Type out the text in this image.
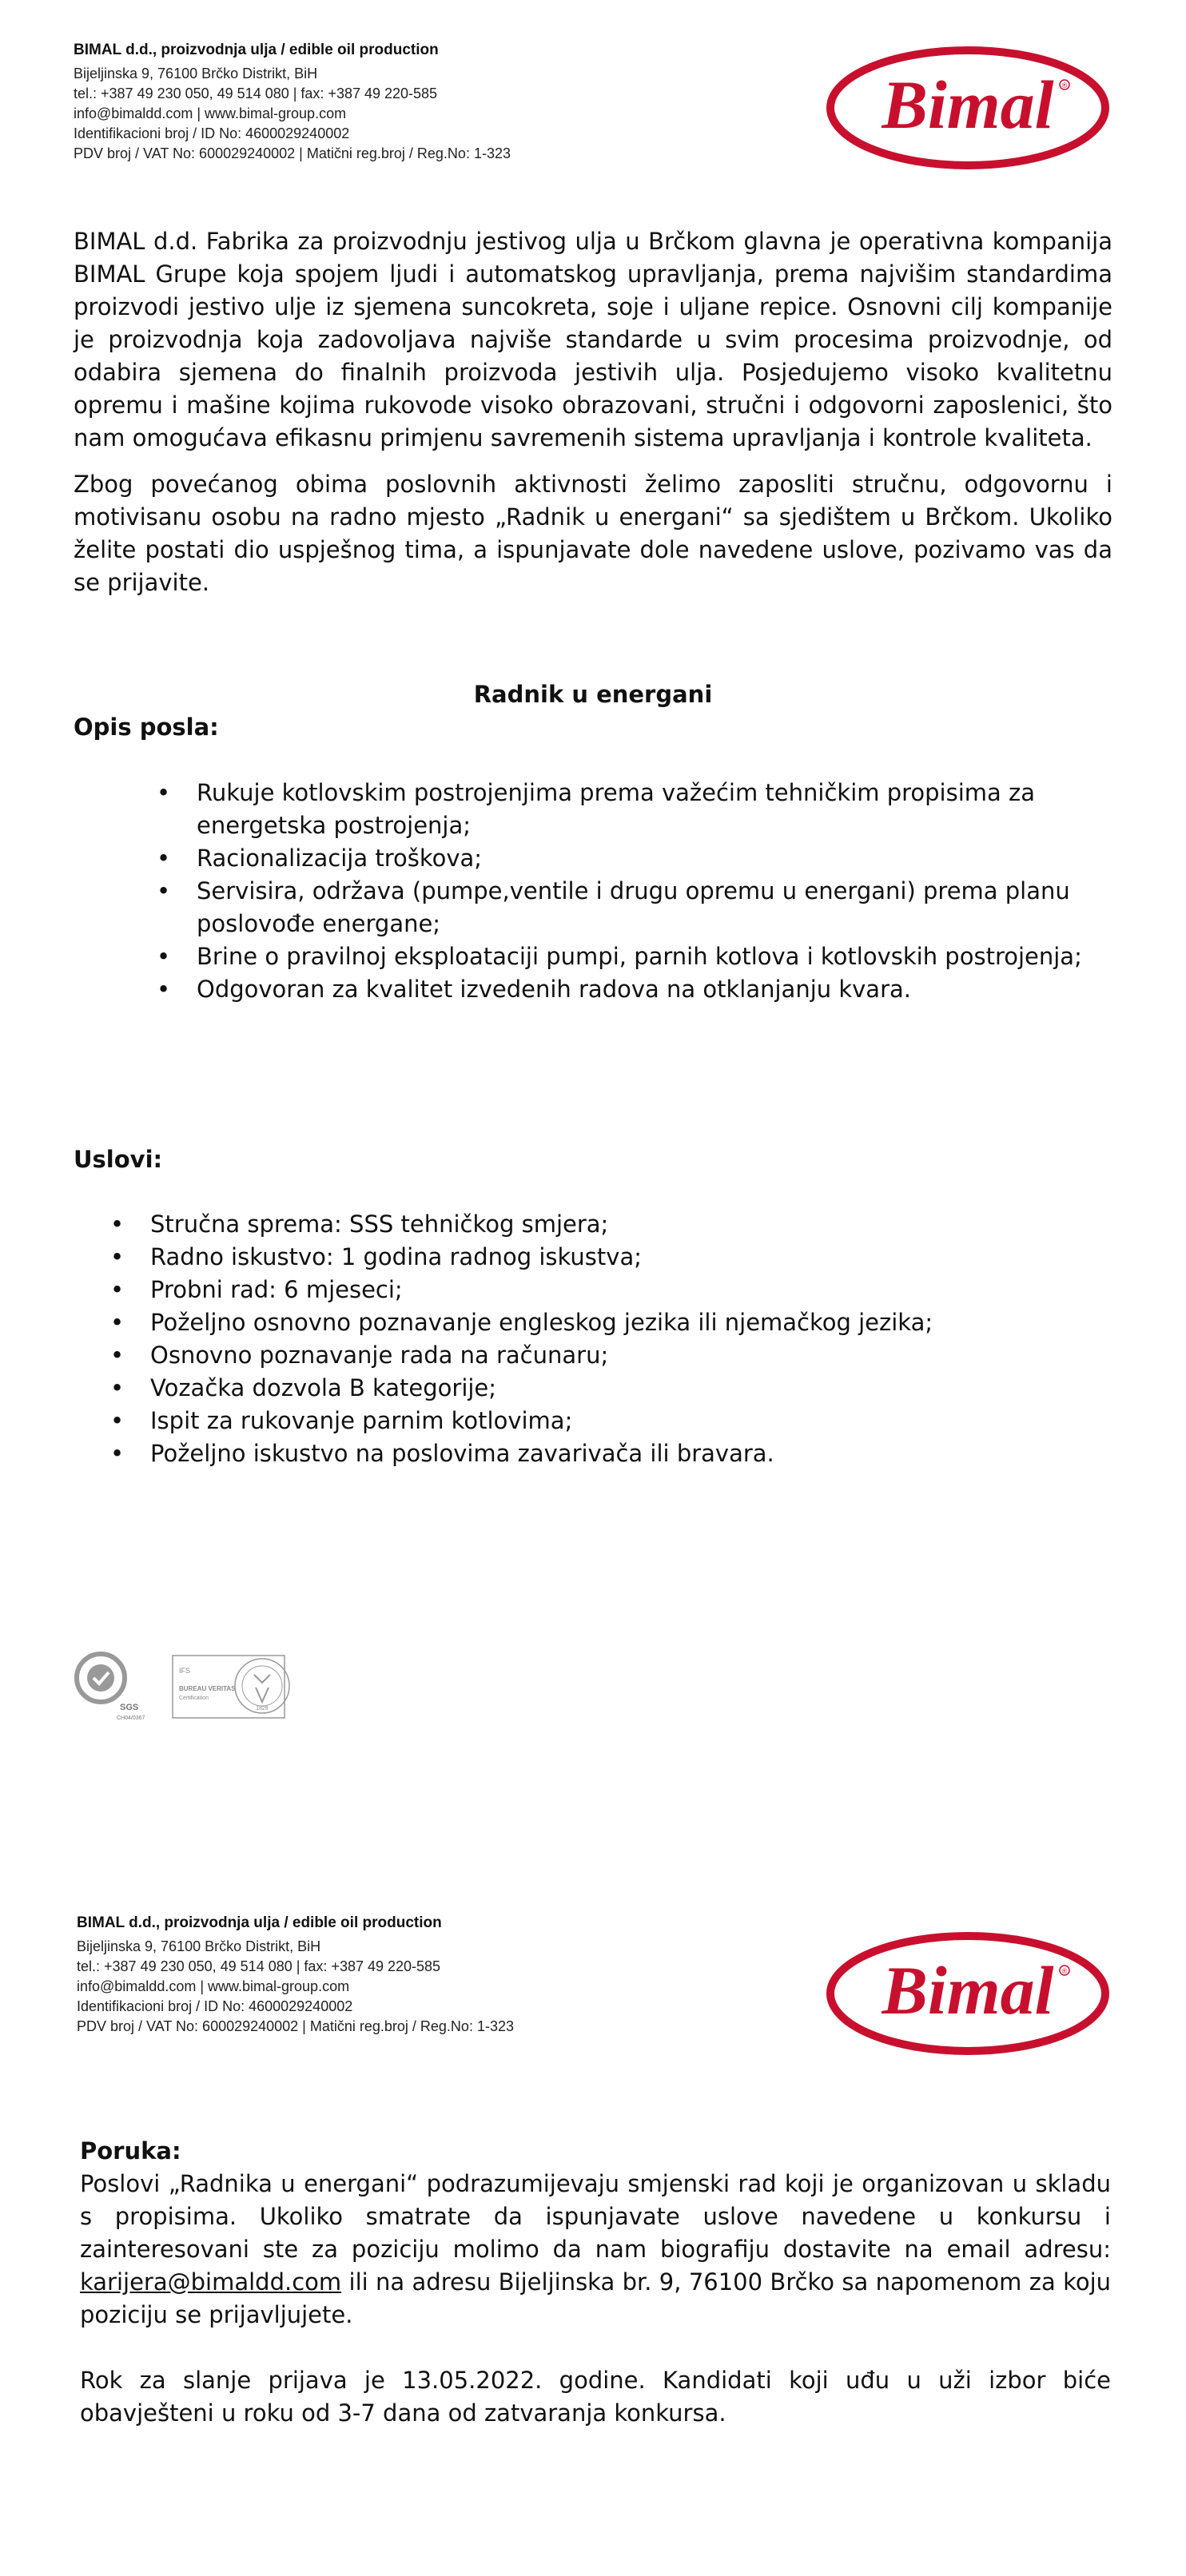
BIMAL d.d., proizvodnja ulja / edible oil production

Bijeljinska 9, 76100 Brčko Distrikt, BiH

tel.: +387 49 230 050, 49 514 080 | fax: +387 49 220-585

info@bimaldd.com | www.bimal-group.com

Identifikacioni broj / ID No: 4600029240002

PDV broj / VAT No: 600029240002 | Matični reg.broj / Reg.No: 1-323

Bimal ®

BIMAL d.d. Fabrika za proizvodnju jestivog ulja u Brčkom glavna je operativna kompanija BIMAL Grupe koja spojem ljudi i automatskog upravljanja, prema najvišim standardima proizvodi jestivo ulje iz sjemena suncokreta, soje i uljane repice. Osnovni cilj kompanije je proizvodnja koja zadovoljava najviše standarde u svim procesima proizvodnje, od odabira sjemena do finalnih proizvoda jestivih ulja. Posjedujemo visoko kvalitetnu opremu i mašine kojima rukovode visoko obrazovani, stručni i odgovorni zaposlenici, što nam omogućava efikasnu primjenu savremenih sistema upravljanja i kontrole kvaliteta.

Zbog povećanog obima poslovnih aktivnosti želimo zaposliti stručnu, odgovornu i motivisanu osobu na radno mjesto „Radnik u energani“ sa sjedištem u Brčkom. Ukoliko želite postati dio uspješnog tima, a ispunjavate dole navedene uslove, pozivamo vas da se prijavite.

Radnik u energani
Opis posla:
• Rukuje kotlovskim postrojenjima prema važećim tehničkim propisima za energetska postrojenja;
• Racionalizacija troškova;
• Servisira, održava (pumpe,ventile i drugu opremu u energani) prema planu poslovođe energane;
• Brine o pravilnoj eksploataciji pumpi, parnih kotlova i kotlovskih postrojenja;
• Odgovoran za kvalitet izvedenih radova na otklanjanju kvara.
Uslovi:
• Stručna sprema: SSS tehničkog smjera;
• Radno iskustvo: 1 godina radnog iskustva;
• Probni rad: 6 mjeseci;
• Poželjno osnovno poznavanje engleskog jezika ili njemačkog jezika;
• Osnovno poznavanje rada na računaru;
• Vozačka dozvola B kategorije;
• Ispit za rukovanje parnim kotlovima;
• Poželjno iskustvo na poslovima zavarivača ili bravara.
SGS
CH04/0367
IFS
BUREAU VERITAS
Certification
1828

BIMAL d.d., proizvodnja ulja / edible oil production

Bijeljinska 9, 76100 Brčko Distrikt, BiH

tel.: +387 49 230 050, 49 514 080 | fax: +387 49 220-585

info@bimaldd.com | www.bimal-group.com

Identifikacioni broj / ID No: 4600029240002

PDV broj / VAT No: 600029240002 | Matični reg.broj / Reg.No: 1-323	Bimal ®
Poruka:

Poslovi „Radnika u energani“ podrazumijevaju smjenski rad koji je organizovan u skladu s propisima. Ukoliko smatrate da ispunjavate uslove navedene u konkursu i zainteresovani ste za poziciju molimo da nam biografiju dostavite na email adresu: karijera@bimaldd.com ili na adresu Bijeljinska br. 9, 76100 Brčko sa napomenom za koju poziciju se prijavljujete.

Rok za slanje prijava je 13.05.2022. godine. Kandidati koji uđu u uži izbor biće obavješteni u roku od 3-7 dana od zatvaranja konkursa.
